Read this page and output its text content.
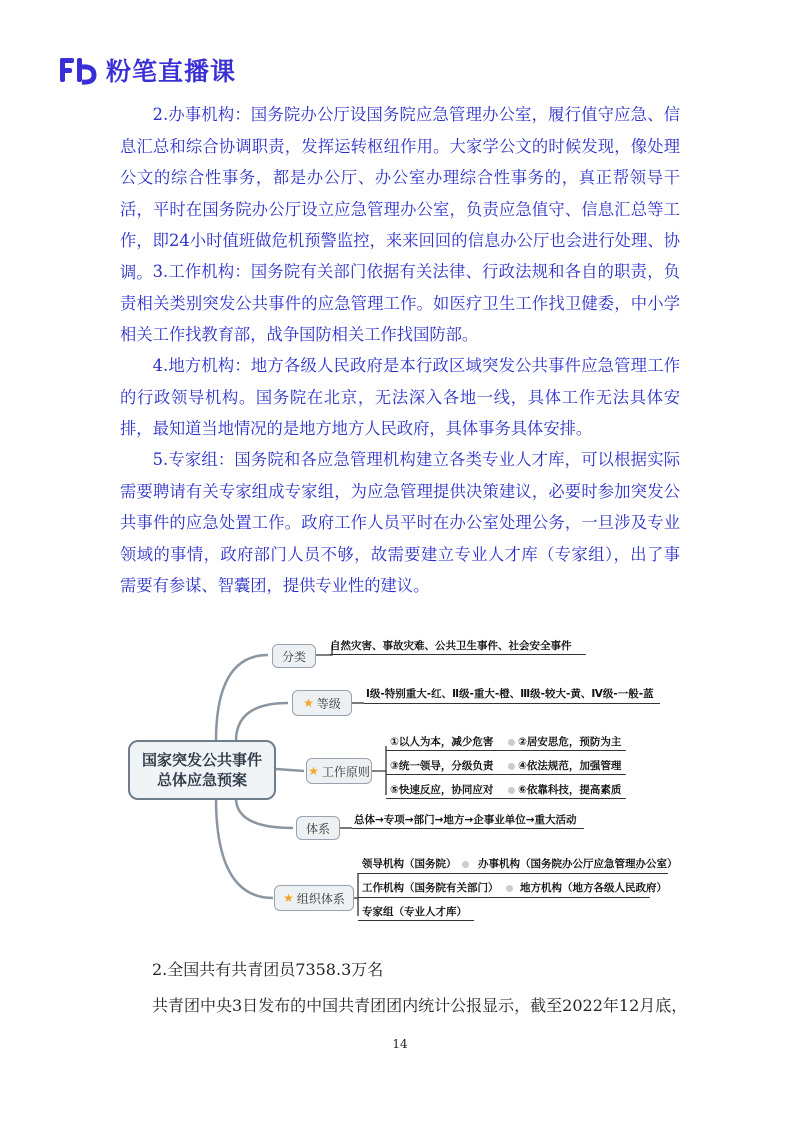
粉笔直播课

2.办事机构：国务院办公厅设国务院应急管理办公室，履行值守应急、信息汇总和综合协调职责，发挥运转枢纽作用。大家学公文的时候发现，像处理公文的综合性事务，都是办公厅、办公室办理综合性事务的，真正帮领导干活，平时在国务院办公厅设立应急管理办公室，负责应急值守、信息汇总等工作，即24小时值班做危机预警监控，来来回回的信息办公厅也会进行处理、协调。 3.工作机构：国务院有关部门依据有关法律、行政法规和各自的职责，负责相关类别突发公共事件的应急管理工作。如医疗卫生工作找卫健委，中小学相关工作找教育部，战争国防相关工作找国防部。

4.地方机构：地方各级人民政府是本行政区域突发公共事件应急管理工作的行政领导机构。国务院在北京，无法深入各地一线，具体工作无法具体安排，最知道当地情况的是地方地方人民政府，具体事务具体安排。

5.专家组：国务院和各应急管理机构建立各类专业人才库，可以根据实际需要聘请有关专家组成专家组，为应急管理提供决策建议，必要时参加突发公共事件的应急处置工作。政府工作人员平时在办公室处理公务，一旦涉及专业领域的事情，政府部门人员不够，故需要建立专业人才库（专家组），出了事需要有参谋、智囊团，提供专业性的建议。

国家突发公共事件
总体应急预案
分类
自然灾害、事故灾难、公共卫生事件、社会安全事件
★ 等级
Ⅰ级-特别重大-红、Ⅱ级-重大-橙、Ⅲ级-较大-黄、Ⅳ级-一般-蓝
★ 工作原则
①以人为本，减少危害 ②居安思危，预防为主
③统一领导，分级负责 ④依法规范，加强管理
⑤快速反应，协同应对 ⑥依靠科技，提高素质
体系
总体→专项→部门→地方→企事业单位→重大活动
★ 组织体系
领导机构（国务院） 办事机构（国务院办公厅应急管理办公室）
工作机构（国务院有关部门） 地方机构（地方各级人民政府）
专家组（专业人才库）

2.全国共有共青团员7358.3万名

共青团中央3日发布的中国共青团团内统计公报显示，截至2022年12月底，

14
